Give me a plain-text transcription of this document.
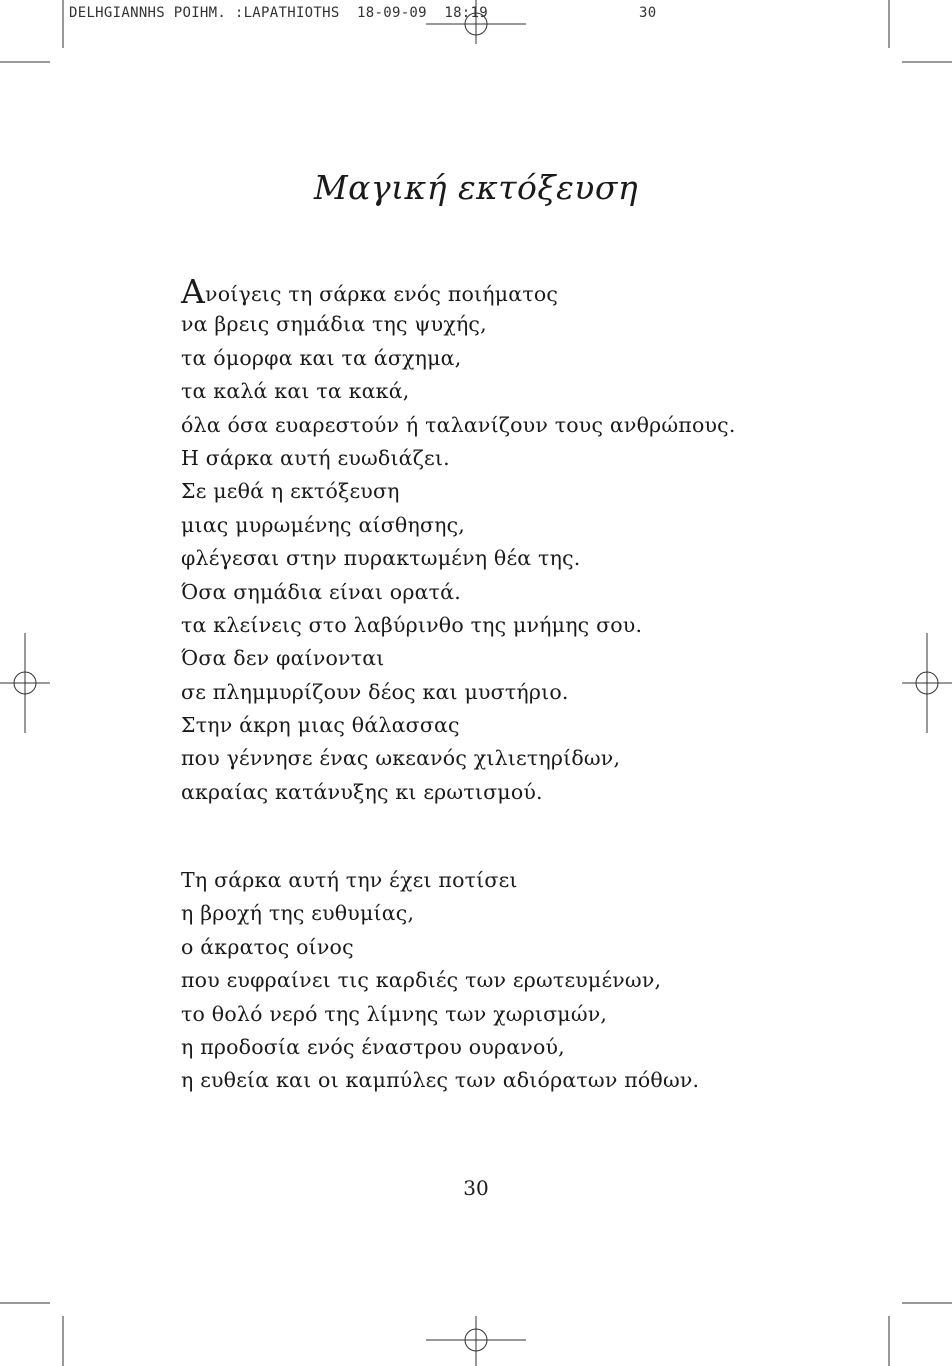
DELHGIANNHS POIHM. :LAPATHIOTHS  18-09-09  18:19	30
Μαγική εκτόξευση
Ανοίγεις τη σάρκα ενός ποιήματος
να βρεις σημάδια της ψυχής,
τα όμορφα και τα άσχημα,
τα καλά και τα κακά,
όλα όσα ευαρεστούν ή ταλανίζουν τους ανθρώπους.
Η σάρκα αυτή ευωδιάζει.
Σε μεθά η εκτόξευση
μιας μυρωμένης αίσθησης,
φλέγεσαι στην πυρακτωμένη θέα της.
Όσα σημάδια είναι ορατά.
τα κλείνεις στο λαβύρινθο της μνήμης σου.
Όσα δεν φαίνονται
σε πλημμυρίζουν δέος και μυστήριο.
Στην άκρη μιας θάλασσας
που γέννησε ένας ωκεανός χιλιετηρίδων,
ακραίας κατάνυξης κι ερωτισμού.
Τη σάρκα αυτή την έχει ποτίσει
η βροχή της ευθυμίας,
ο άκρατος οίνος
που ευφραίνει τις καρδιές των ερωτευμένων,
το θολό νερό της λίμνης των χωρισμών,
η προδοσία ενός έναστρου ουρανού,
η ευθεία και οι καμπύλες των αδιόρατων πόθων.
30
